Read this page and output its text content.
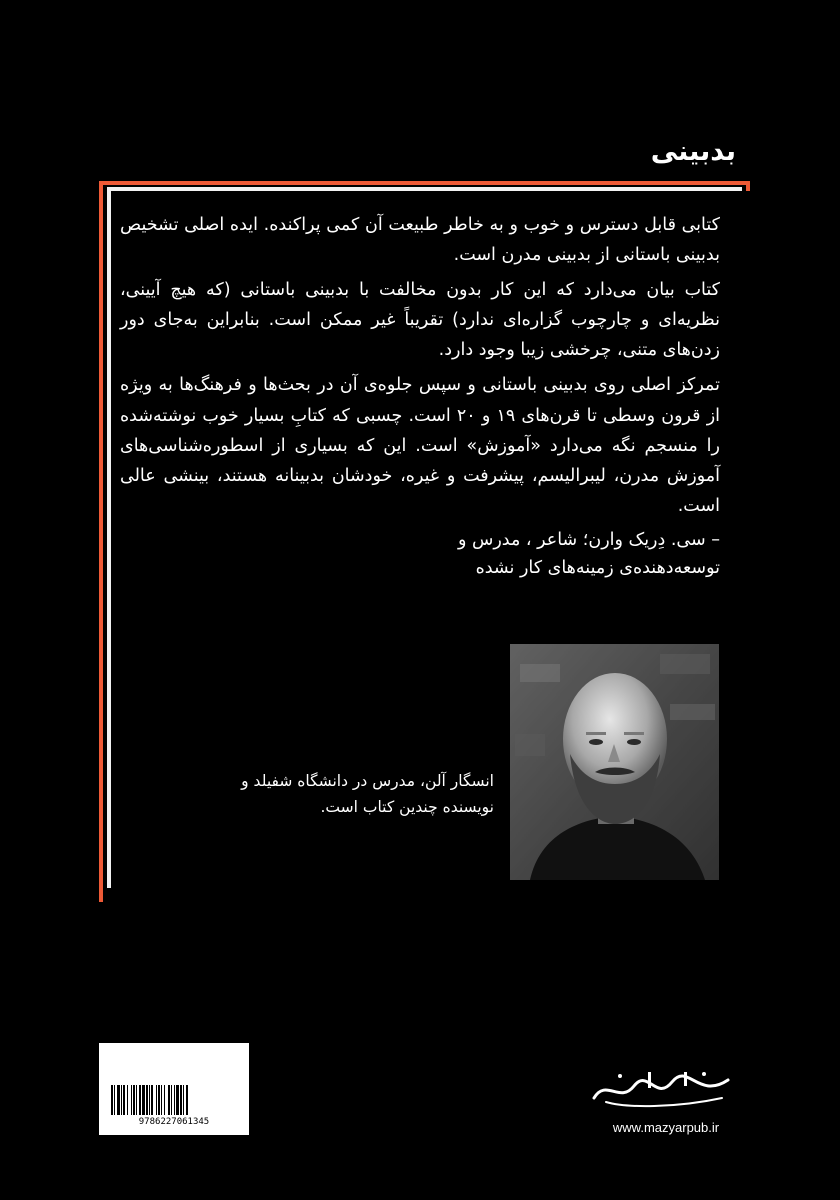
بدبینی

کتابی قابل دسترس و خوب و به خاطر طبیعت آن کمی پراکنده. ایده اصلی تشخیص بدبینی باستانی از بدبینی مدرن است.

کتاب بیان می‌دارد که این کار بدون مخالفت با بدبینی باستانی (که هیچ آیینی، نظریه‌ای و چارچوب گزاره‌ای ندارد) تقریباً غیر ممکن است. بنابراین به‌جای دور زدن‌های متنی، چرخشی زیبا وجود دارد.

تمرکز اصلی روی بدبینی باستانی و سپس جلوه‌ی آن در بحث‌ها و فرهنگ‌ها به ویژه از قرون وسطی تا قرن‌های ۱۹ و ۲۰ است. چسبی که کتابِ بسیار خوب نوشته‌شده را منسجم نگه می‌دارد «آموزش» است. این که بسیاری از اسطوره‌شناسی‌های آموزش مدرن، لیبرالیسم، پیشرفت و غیره، خودشان بدبینانه هستند، بینشی عالی است.

– سی. دِریک وارن؛ شاعر ، مدرس و

توسعه‌دهنده‌ی زمینه‌های کار نشده

انسگار آلن، مدرس در دانشگاه شفیلد و
نویسنده چندین کتاب است.
9786227061345	www.mazyarpub.ir
